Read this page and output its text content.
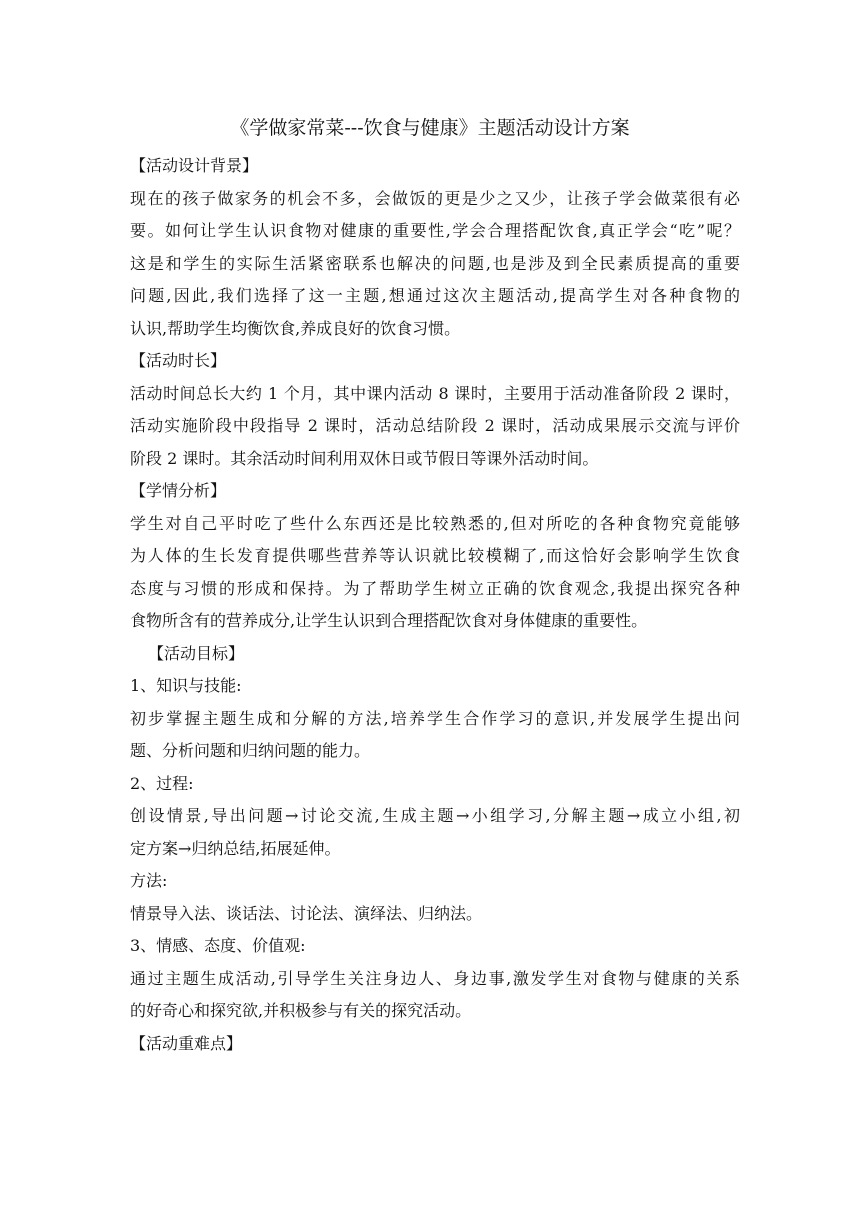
《学做家常菜---饮食与健康》主题活动设计方案
【活动设计背景】

现在的孩子做家务的机会不多，会做饭的更是少之又少，让孩子学会做菜很有必

要。如何让学生认识食物对健康的重要性,学会合理搭配饮食,真正学会“吃”呢？

这是和学生的实际生活紧密联系也解决的问题,也是涉及到全民素质提高的重要

问题,因此,我们选择了这一主题,想通过这次主题活动,提高学生对各种食物的

认识,帮助学生均衡饮食,养成良好的饮食习惯。

【活动时长】

活动时间总长大约 1 个月，其中课内活动 8 课时，主要用于活动准备阶段 2 课时，

活动实施阶段中段指导 2 课时，活动总结阶段 2 课时，活动成果展示交流与评价

阶段 2 课时。其余活动时间利用双休日或节假日等课外活动时间。

【学情分析】

学生对自己平时吃了些什么东西还是比较熟悉的,但对所吃的各种食物究竟能够

为人体的生长发育提供哪些营养等认识就比较模糊了,而这恰好会影响学生饮食

态度与习惯的形成和保持。为了帮助学生树立正确的饮食观念,我提出探究各种

食物所含有的营养成分,让学生认识到合理搭配饮食对身体健康的重要性。

【活动目标】
1、知识与技能:

初步掌握主题生成和分解的方法,培养学生合作学习的意识,并发展学生提出问

题、分析问题和归纳问题的能力。

2、过程:

创设情景,导出问题→讨论交流,生成主题→小组学习,分解主题→成立小组,初

定方案→归纳总结,拓展延伸。

方法:
情景导入法、谈话法、讨论法、演绎法、归纳法。
3、情感、态度、价值观:

通过主题生成活动,引导学生关注身边人、身边事,激发学生对食物与健康的关系

的好奇心和探究欲,并积极参与有关的探究活动。

【活动重难点】
